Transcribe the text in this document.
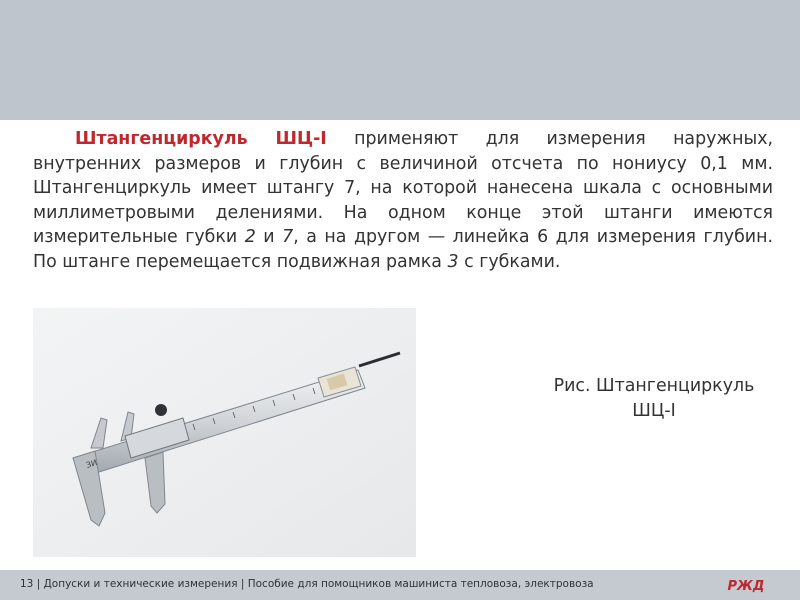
Штангенциркуль ШЦ-I применяют для измерения наружных, внутренних размеров и глубин с величиной отсчета по нониусу 0,1 мм. Штангенциркуль имеет штангу 7, на которой нанесена шкала с основными миллиметровыми делениями. На одном конце этой штанги имеются измерительные губки 2 и 7, а на другом — линейка 6 для измерения глубин. По штанге перемещается подвижная рамка 3 с губками.

ЗИ
Рис. Штангенциркуль
ШЦ-I
13 | Допуски и технические измерения | Пособие для помощников машиниста тепловоза, электровоза	РЖД
